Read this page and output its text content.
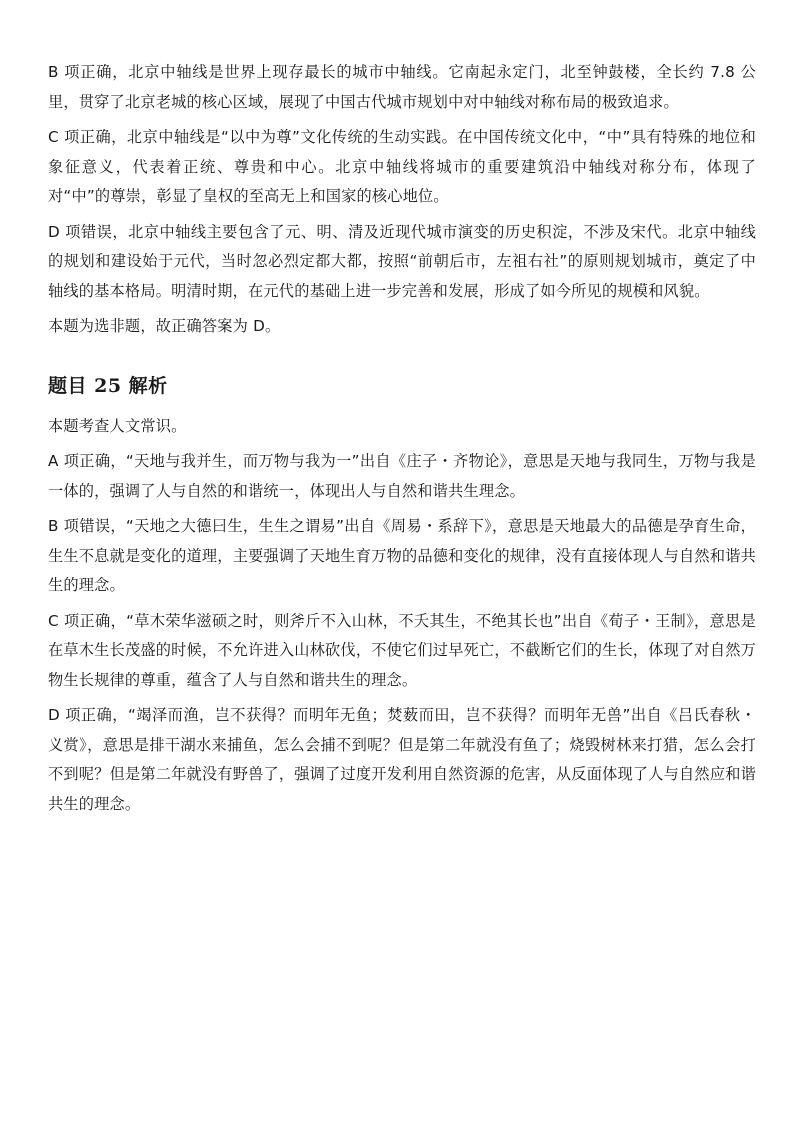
B 项正确，北京中轴线是世界上现存最长的城市中轴线。它南起永定门，北至钟鼓楼，全长约 7.8 公里，贯穿了北京老城的核心区域，展现了中国古代城市规划中对中轴线对称布局的极致追求。

C 项正确，北京中轴线是“以中为尊”文化传统的生动实践。在中国传统文化中，“中”具有特殊的地位和象征意义，代表着正统、尊贵和中心。北京中轴线将城市的重要建筑沿中轴线对称分布，体现了对“中”的尊崇，彰显了皇权的至高无上和国家的核心地位。

D 项错误，北京中轴线主要包含了元、明、清及近现代城市演变的历史积淀，不涉及宋代。北京中轴线的规划和建设始于元代，当时忽必烈定都大都，按照“前朝后市，左祖右社”的原则规划城市，奠定了中轴线的基本格局。明清时期，在元代的基础上进一步完善和发展，形成了如今所见的规模和风貌。

本题为选非题，故正确答案为 D。

题目 25 解析

本题考查人文常识。

A 项正确，“天地与我并生，而万物与我为一”出自《庄子・齐物论》，意思是天地与我同生，万物与我是一体的，强调了人与自然的和谐统一，体现出人与自然和谐共生理念。

B 项错误，“天地之大德曰生，生生之谓易”出自《周易・系辞下》，意思是天地最大的品德是孕育生命，生生不息就是变化的道理，主要强调了天地生育万物的品德和变化的规律，没有直接体现人与自然和谐共生的理念。

C 项正确，“草木荣华滋硕之时，则斧斤不入山林，不夭其生，不绝其长也”出自《荀子・王制》，意思是在草木生长茂盛的时候，不允许进入山林砍伐，不使它们过早死亡，不截断它们的生长，体现了对自然万物生长规律的尊重，蕴含了人与自然和谐共生的理念。

D 项正确，“竭泽而渔，岂不获得？而明年无鱼；焚薮而田，岂不获得？而明年无兽”出自《吕氏春秋・义赏》，意思是排干湖水来捕鱼，怎么会捕不到呢？但是第二年就没有鱼了；烧毁树林来打猎，怎么会打不到呢？但是第二年就没有野兽了，强调了过度开发利用自然资源的危害，从反面体现了人与自然应和谐共生的理念。
